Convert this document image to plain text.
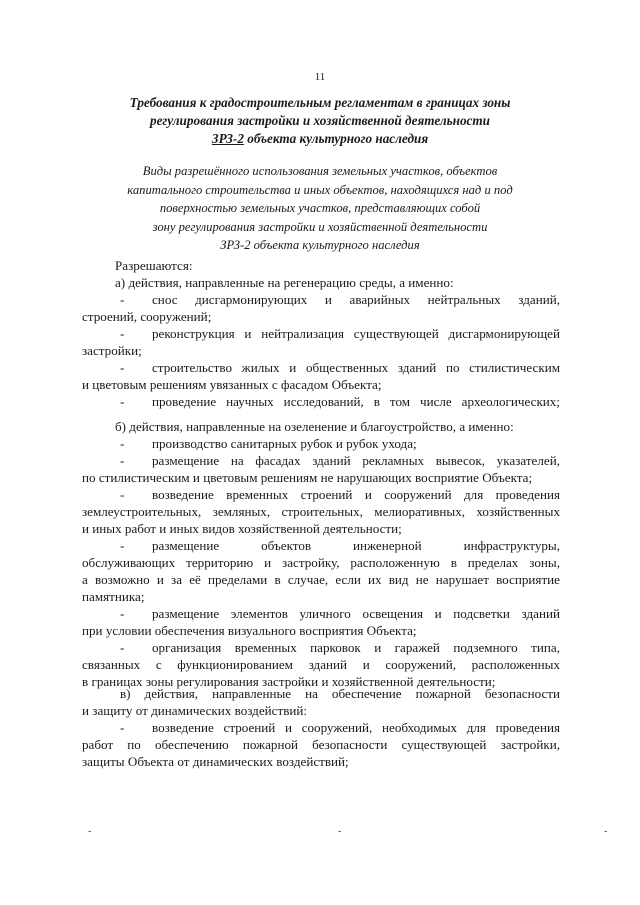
11
Требования к градостроительным регламентам в границах зоны
регулирования застройки и хозяйственной деятельности
ЗРЗ-2 объекта культурного наследия
Виды разрешённого использования земельных участков, объектов
капитального строительства и иных объектов, находящихся над и под
поверхностью земельных участков, представляющих собой
зону регулирования застройки и хозяйственной деятельности
ЗРЗ-2 объекта культурного наследия
Разрешаются:
а) действия, направленные на регенерацию среды, а именно:
-	снос дисгармонирующих и аварийных нейтральных зданий,
строений, сооружений;
-	реконструкция и нейтрализация существующей дисгармонирующей
застройки;
-	строительство жилых и общественных зданий по стилистическим
и цветовым решениям увязанных с фасадом Объекта;
-	проведение научных исследований, в том числе археологических;
б) действия, направленные на озеленение и благоустройство, а именно:
-	производство санитарных рубок и рубок ухода;
-	размещение на фасадах зданий рекламных вывесок, указателей,
по стилистическим и цветовым решениям не нарушающих восприятие Объекта;
-	возведение временных строений и сооружений для проведения
землеустроительных, земляных, строительных, мелиоративных, хозяйственных
и иных работ и иных видов хозяйственной деятельности;
-	размещение объектов инженерной инфраструктуры,
обслуживающих территорию и застройку, расположенную в пределах зоны,
а возможно и за её пределами в случае, если их вид не нарушает восприятие
памятника;
-	размещение элементов уличного освещения и подсветки зданий
при условии обеспечения визуального восприятия Объекта;
-	организация временных парковок и гаражей подземного типа,
связанных с функционированием зданий и сооружений, расположенных
в границах зоны регулирования застройки и хозяйственной деятельности;
в) действия, направленные на обеспечение пожарной безопасности
и защиту от динамических воздействий:
-	возведение строений и сооружений, необходимых для проведения
работ по обеспечению пожарной безопасности существующей застройки,
защиты Объекта от динамических воздействий;
-	-	-
